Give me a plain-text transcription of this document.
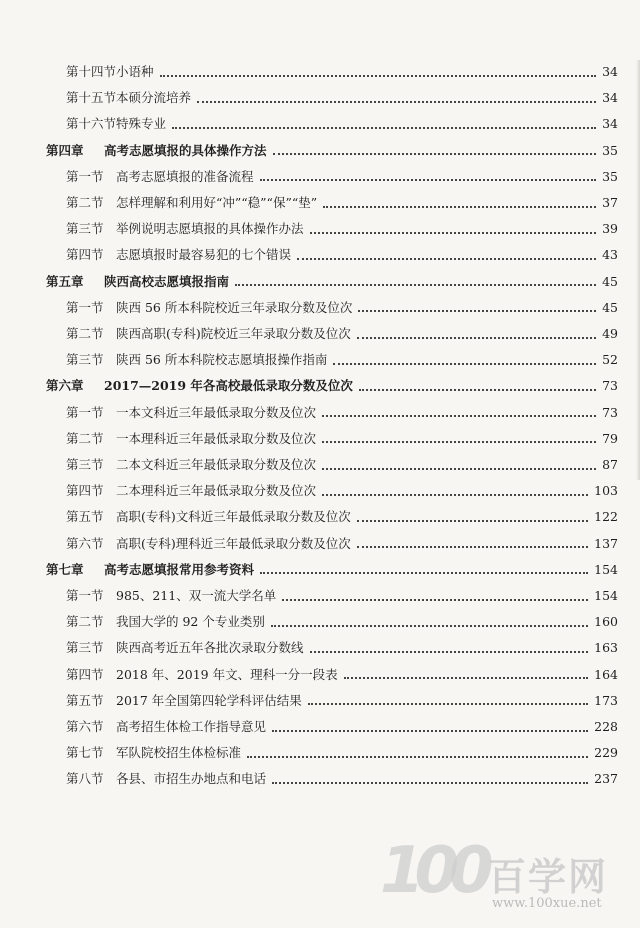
第十四节 小语种	34
第十五节 本硕分流培养	34
第十六节 特殊专业	34
第四章	高考志愿填报的具体操作方法	35
第一节 高考志愿填报的准备流程	35
第二节 怎样理解和利用好“冲”“稳”“保”“垫”	37
第三节 举例说明志愿填报的具体操作办法	39
第四节 志愿填报时最容易犯的七个错误	43
第五章	陕西高校志愿填报指南	45
第一节 陕西 56 所本科院校近三年录取分数及位次	45
第二节 陕西高职(专科)院校近三年录取分数及位次	49
第三节 陕西 56 所本科院校志愿填报操作指南	52
第六章	2017—2019 年各高校最低录取分数及位次	73
第一节 一本文科近三年最低录取分数及位次	73
第二节 一本理科近三年最低录取分数及位次	79
第三节 二本文科近三年最低录取分数及位次	87
第四节 二本理科近三年最低录取分数及位次	103
第五节 高职(专科)文科近三年最低录取分数及位次	122
第六节 高职(专科)理科近三年最低录取分数及位次	137
第七章	高考志愿填报常用参考资料	154
第一节 985、211、双一流大学名单	154
第二节 我国大学的 92 个专业类别	160
第三节 陕西高考近五年各批次录取分数线	163
第四节 2018 年、2019 年文、理科一分一段表	164
第五节 2017 年全国第四轮学科评估结果	173
第六节 高考招生体检工作指导意见	228
第七节 军队院校招生体检标准	229
第八节 各县、市招生办地点和电话	237
100 百学网
www.100xue.net
